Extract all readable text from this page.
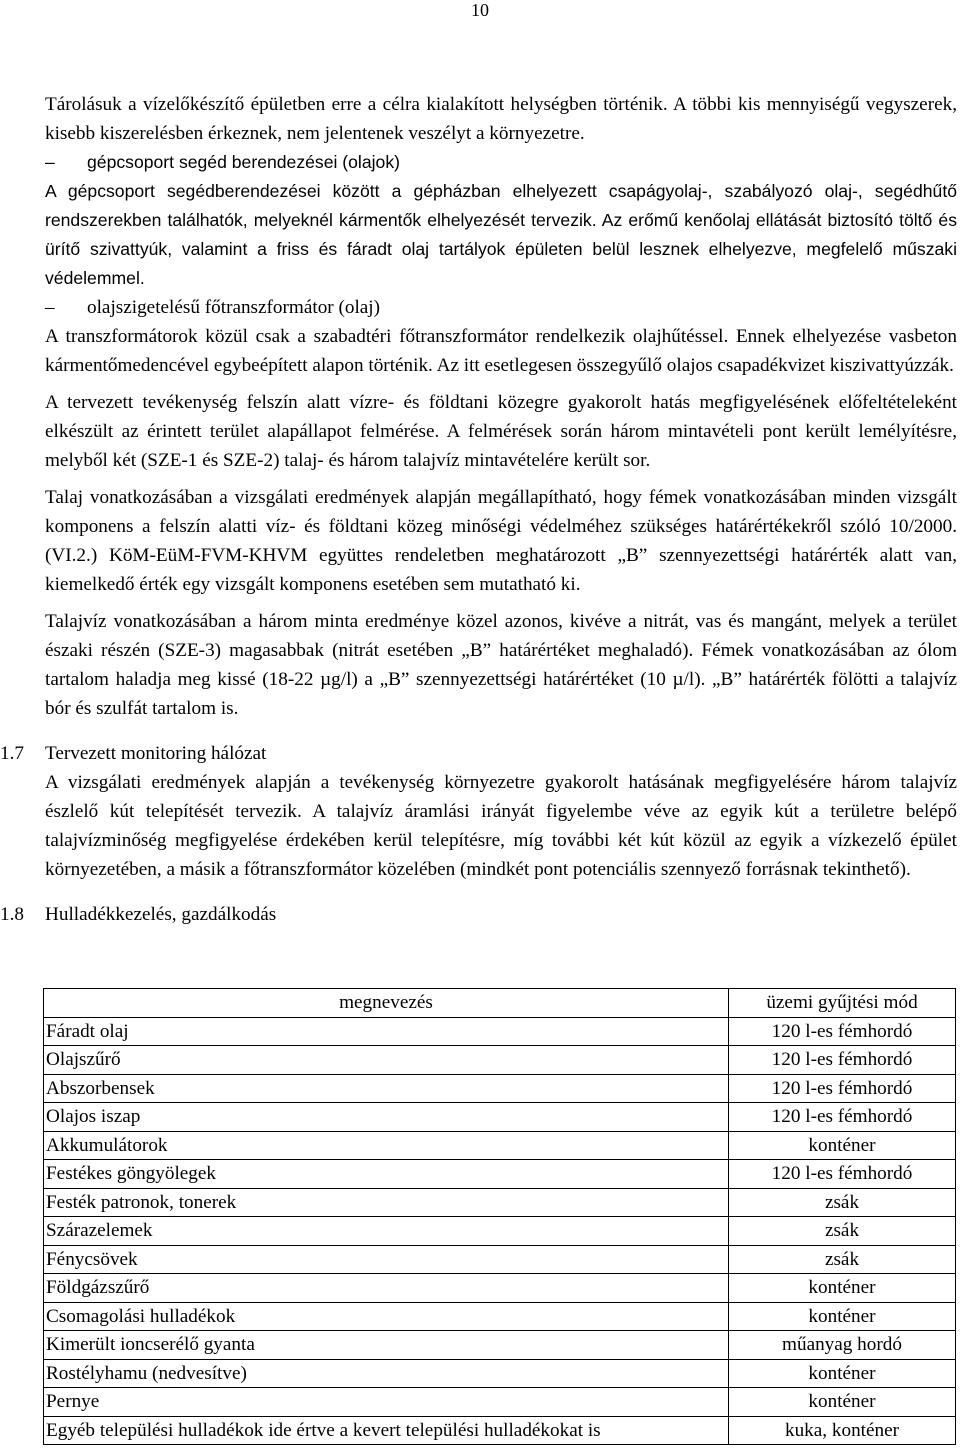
10

Tárolásuk a vízelőkészítő épületben erre a célra kialakított helységben történik. A többi kis mennyiségű vegyszerek, kisebb kiszerelésben érkeznek, nem jelentenek veszélyt a környezetre.

– gépcsoport segéd berendezései (olajok)

A gépcsoport segédberendezései között a gépházban elhelyezett csapágyolaj-, szabályozó olaj-, segédhűtő rendszerekben találhatók, melyeknél kármentők elhelyezését tervezik. Az erőmű kenőolaj ellátását biztosító töltő és ürítő szivattyúk, valamint a friss és fáradt olaj tartályok épületen belül lesznek elhelyezve, megfelelő műszaki védelemmel.

– olajszigetelésű főtranszformátor (olaj)

A transzformátorok közül csak a szabadtéri főtranszformátor rendelkezik olajhűtéssel. Ennek elhelyezése vasbeton kármentőmedencével egybeépített alapon történik. Az itt esetlegesen összegyűlő olajos csapadékvizet kiszivattyúzzák.

A tervezett tevékenység felszín alatt vízre- és földtani közegre gyakorolt hatás megfigyelésének előfeltételeként elkészült az érintett terület alapállapot felmérése. A felmérések során három mintavételi pont került lemélyítésre, melyből két (SZE-1 és SZE-2) talaj- és három talajvíz mintavételére került sor.

Talaj vonatkozásában a vizsgálati eredmények alapján megállapítható, hogy fémek vonatkozásában minden vizsgált komponens a felszín alatti víz- és földtani közeg minőségi védelméhez szükséges határértékekről szóló 10/2000. (VI.2.) KöM-EüM-FVM-KHVM együttes rendeletben meghatározott „B” szennyezettségi határérték alatt van, kiemelkedő érték egy vizsgált komponens esetében sem mutatható ki.

Talajvíz vonatkozásában a három minta eredménye közel azonos, kivéve a nitrát, vas és mangánt, melyek a terület északi részén (SZE-3) magasabbak (nitrát esetében „B” határértéket meghaladó). Fémek vonatkozásában az ólom tartalom haladja meg kissé (18-22 µg/l) a „B” szennyezettségi határértéket (10 µ/l). „B” határérték fölötti a talajvíz bór és szulfát tartalom is.

1.7 Tervezett monitoring hálózat

A vizsgálati eredmények alapján a tevékenység környezetre gyakorolt hatásának megfigyelésére három talajvíz észlelő kút telepítését tervezik. A talajvíz áramlási irányát figyelembe véve az egyik kút a területre belépő talajvízminőség megfigyelése érdekében kerül telepítésre, míg további két kút közül az egyik a vízkezelő épület környezetében, a másik a főtranszformátor közelében (mindkét pont potenciális szennyező forrásnak tekinthető).

1.8 Hulladékkezelés, gazdálkodás

megnevezés	üzemi gyűjtési mód
Fáradt olaj	120 l-es fémhordó
Olajszűrő	120 l-es fémhordó
Abszorbensek	120 l-es fémhordó
Olajos iszap	120 l-es fémhordó
Akkumulátorok	konténer
Festékes göngyölegek	120 l-es fémhordó
Festék patronok, tonerek	zsák
Szárazelemek	zsák
Fénycsövek	zsák
Földgázszűrő	konténer
Csomagolási hulladékok	konténer
Kimerült ioncserélő gyanta	műanyag hordó
Rostélyhamu (nedvesítve)	konténer
Pernye	konténer
Egyéb települési hulladékok ide értve a kevert települési hulladékokat is	kuka, konténer
